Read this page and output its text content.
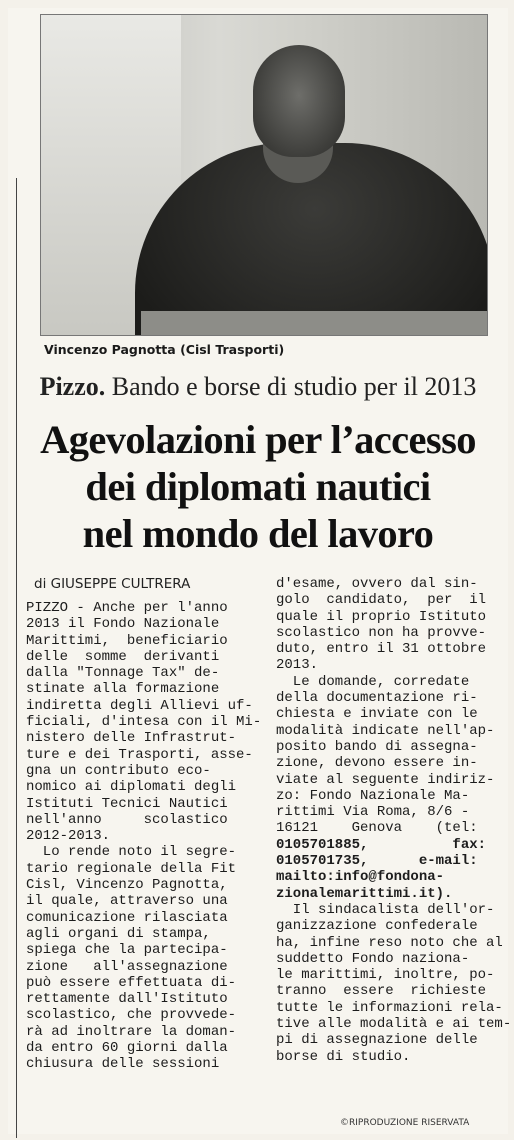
Vincenzo Pagnotta (Cisl Trasporti)
Pizzo. Bando e borse di studio per il 2013
Agevolazioni per l’accesso
dei diplomati nautici
nel mondo del lavoro
di GIUSEPPE CULTRERA
PIZZO - Anche per l'anno
2013 il Fondo Nazionale
Marittimi,  beneficiario
delle  somme  derivanti
dalla "Tonnage Tax" de-
stinate alla formazione
indiretta degli Allievi uf-
ficiali, d'intesa con il Mi-
nistero delle Infrastrut-
ture e dei Trasporti, asse-
gna un contributo eco-
nomico ai diplomati degli
Istituti Tecnici Nautici
nell'anno     scolastico
2012-2013.
Lo rende noto il segre-
tario regionale della Fit
Cisl, Vincenzo Pagnotta,
il quale, attraverso una
comunicazione rilasciata
agli organi di stampa,
spiega che la partecipa-
zione   all'assegnazione
può essere effettuata di-
rettamente dall'Istituto
scolastico, che provvede-
rà ad inoltrare la doman-
da entro 60 giorni dalla
chiusura delle sessioni
d'esame, ovvero dal sin-
golo  candidato,  per  il
quale il proprio Istituto
scolastico non ha provve-
duto, entro il 31 ottobre
2013.
Le domande, corredate
della documentazione ri-
chiesta e inviate con le
modalità indicate nell'ap-
posito bando di assegna-
zione, devono essere in-
viate al seguente indiriz-
zo: Fondo Nazionale Ma-
rittimi Via Roma, 8/6 -
16121    Genova    (tel:
0105701885,          fax:
0105701735,      e-mail:
mailto:info@fondona-
zionalemarittimi.it).
Il sindacalista dell'or-
ganizzazione confederale
ha, infine reso noto che al
suddetto Fondo naziona-
le marittimi, inoltre, po-
tranno  essere  richieste
tutte le informazioni rela-
tive alle modalità e ai tem-
pi di assegnazione delle
borse di studio.
©RIPRODUZIONE RISERVATA
